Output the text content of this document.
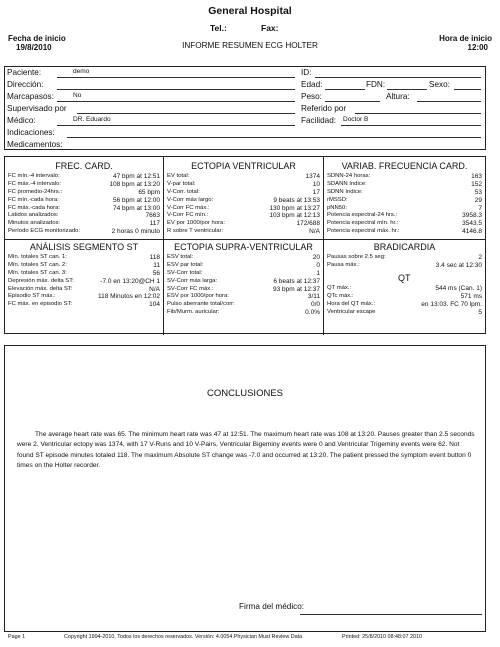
General Hospital
Tel.:	Fax:
Fecha de inicio
19/8/2010	INFORME RESUMEN ECG HOLTER
Hora de inicio
12:00
Paciente:	demo	ID:
Dirección:	Edad:	FDN:	Sexo:
Marcapasos:	No	Peso:	Altura:
Supervisado por	Referido por
Médico:	DR. Eduardo	Facilidad: Doctor B
Indicaciones:
Medicamentos:
FREC. CARD.
FC mín.-4 intervalo:	47 bpm at 12:51
FC máx.-4 intervalo:	108 bpm at 13:20
FC promedio-24hrs.:	65 bpm
FC mín.-cada hora:	56 bpm at 12:00
FC máx.-cada hora:	74 bpm at 13:00
Latidos analizados:	7663
Minutos analizados:	117
Período ECG monitorizado:	2 horas 0 minuto
ANÁLISIS SEGMENTO ST
Mín. totales ST can. 1:	118
Mín. totales ST can. 2:	11
Mín. totales ST can. 3:	56
Depresión máx. delta ST:	-7.0 en 13:20@CH 1
Elevación máx. delta ST:	N/A
Episodio ST máx.:	118 Minutos en 12:02
FC máx. en episodio ST:	104
ECTOPIA VENTRICULAR
EV total:	1374
V-par total:	10
V-Corr. total:	17
V-Corr más largo:	9 beats at 13:53
V-Corr FC máx.:	130 bpm at 13:27
V-Corr FC mín.:	103 bpm at 12:13
EV por 1000/por hora:	172/688
R sobre T ventricular:	N/A
ECTOPIA SUPRA-VENTRICULAR
ESV total:	20
ESV par total:	0
SV-Corr total:	1
SV-Corr más larga:	6 beats at 12:37
SV-Corr FC máx.:	93 bpm at 12:37
ESV por 1000/por hora:	3/11
Pulso aberrante total/corr:	0/0
Fib/Murm. auricular:	0.0%
VARIAB. FRECUENCIA CARD.
SDNN-24 horas:	163
SDANN índice:	152
SDNN índice:	53
rMSSD:	29
pNN50:	7
Potencia espectral-24 hrs.:	3958.3
Potencia espectral mín. hr.:	3543.5
Potencia espectral máx. hr.:	4146.8
BRADICARDIA
Pausas sobre 2.5 seg:	2
Pausa máx.:	3.4 sec at 12:30
QT
QT máx.:	544 ms (Can. 1)
QTc máx.:	571 ms
Hora del QT máx.:	en 13:03. FC 70 lpm.
Ventricular escape	5
CONCLUSIONES
The average heart rate was 65. The minimum heart rate was 47 at 12:51. The maximum heart rate was 108 at 13:20. Pauses greater than 2.5 seconds were 2. Ventricular ectopy was 1374, with 17 V-Runs and 10 V-Pairs, Ventricular Bigeminy events were 0 and Ventricular Trigeminy events were 62. Not found ST episode minutes totaled 118. The maximum Absolute ST change was -7.0 and occurred at 13:20. The patient pressed the symptom event button 0 times on the Holter recorder.
Firma del médico:
Page 1	Copyright 1994-2010, Todos los derechos reservados. Versión: 4.0054.Physician Must Review Data	Printed: 25/8/2010 08:48:07 2010
